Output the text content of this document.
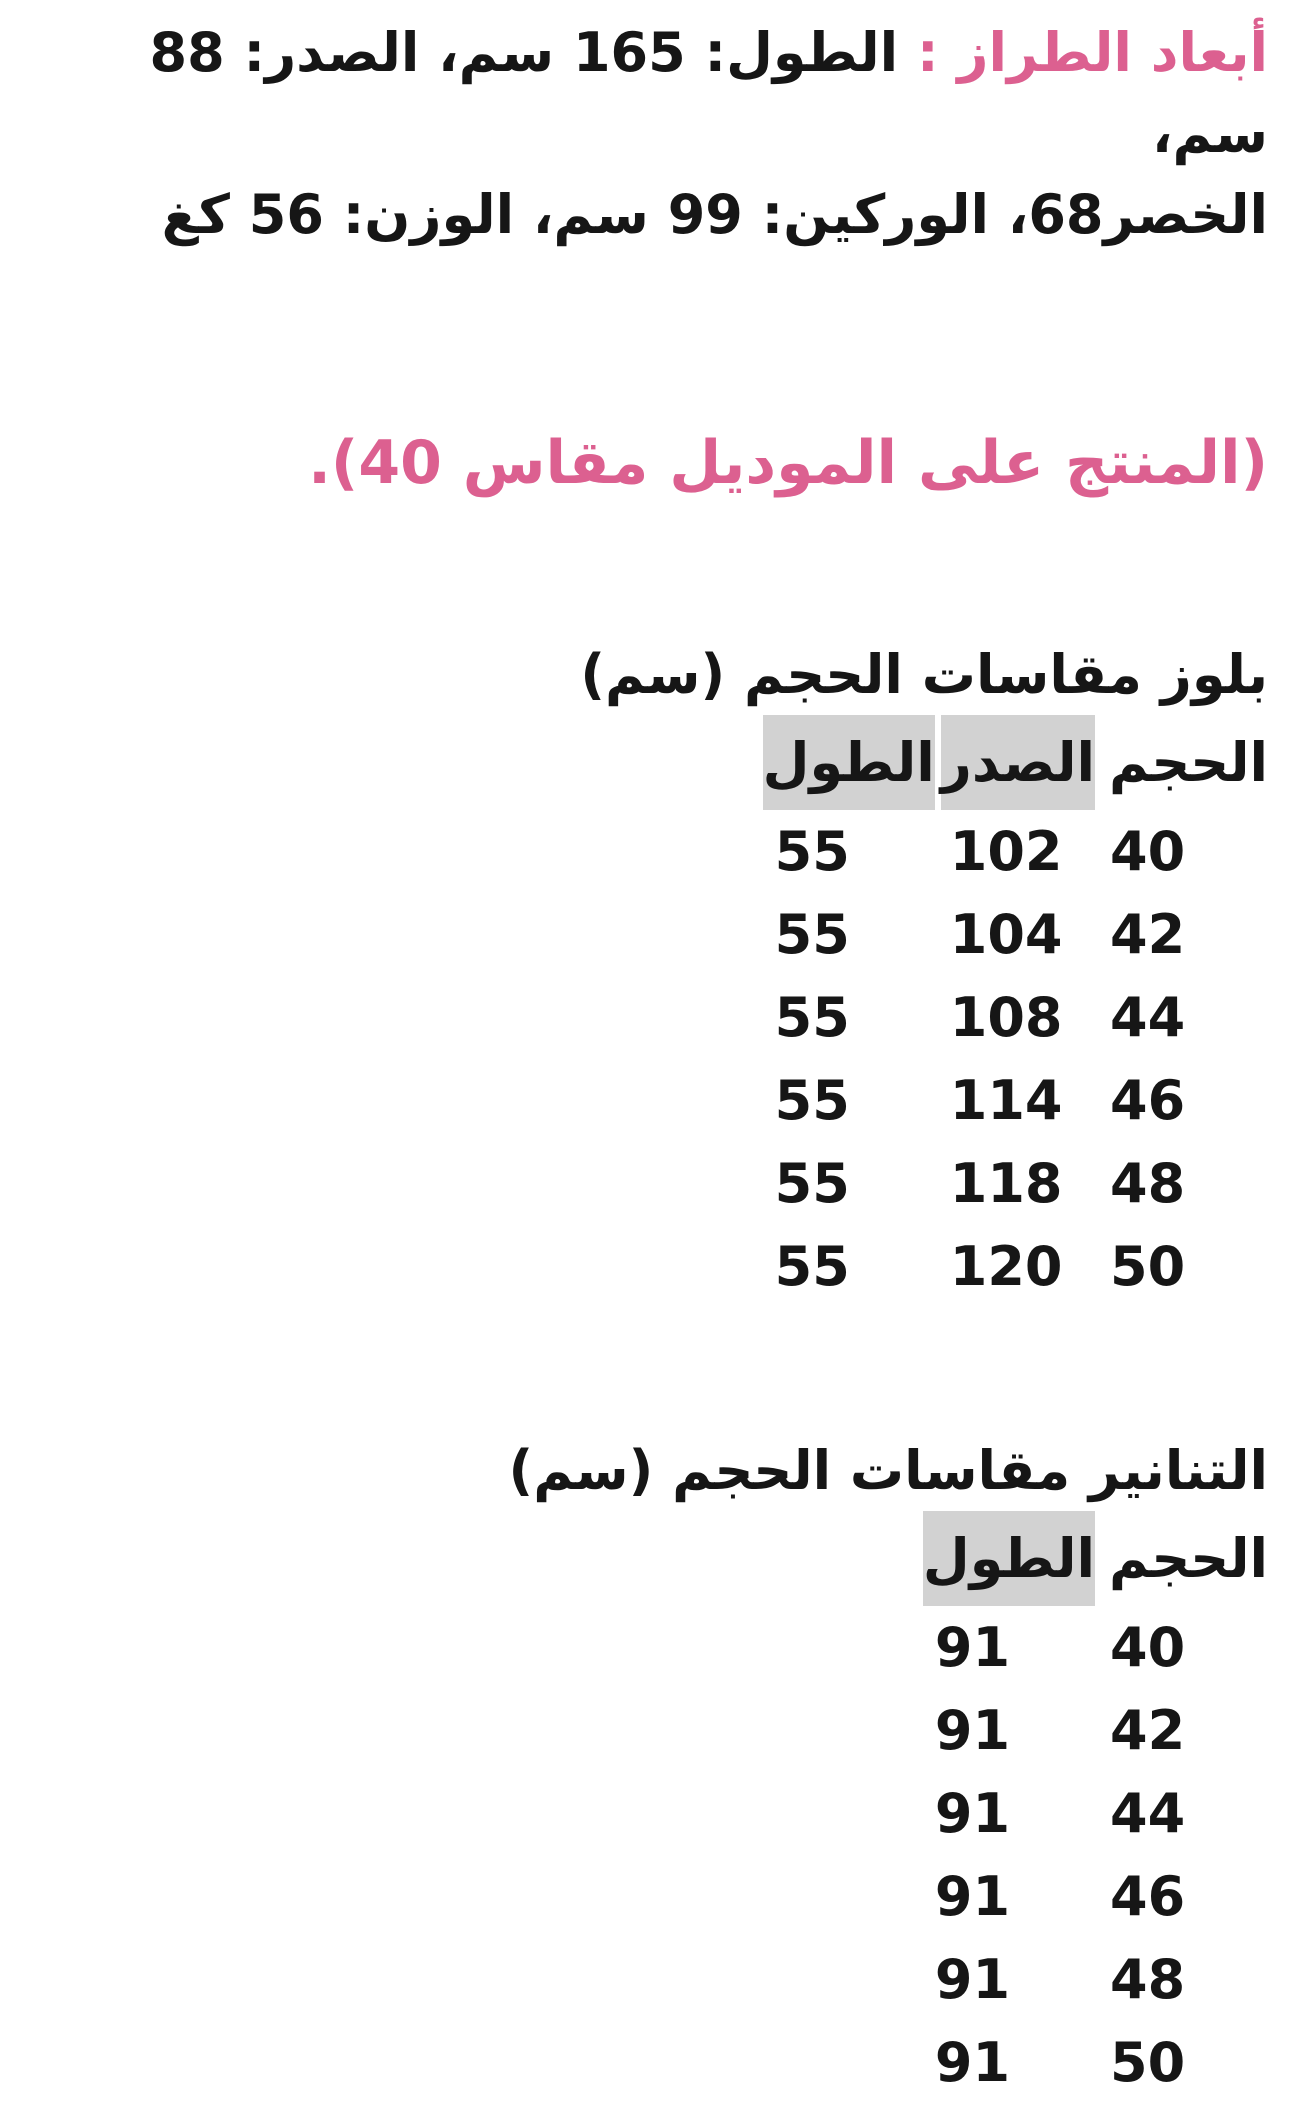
أبعاد الطراز : الطول: 165 سم، الصدر: 88 سم،
الخصر68، الوركين: 99 سم، الوزن: 56 كغ

(المنتج على الموديل مقاس 40).
بلوز مقاسات الحجم (سم)
الحجم	الصدر	الطول
40	102	55
42	104	55
44	108	55
46	114	55
48	118	55
50	120	55
التنانير مقاسات الحجم (سم)
الحجم	الطول
40	91
42	91
44	91
46	91
48	91
50	91
